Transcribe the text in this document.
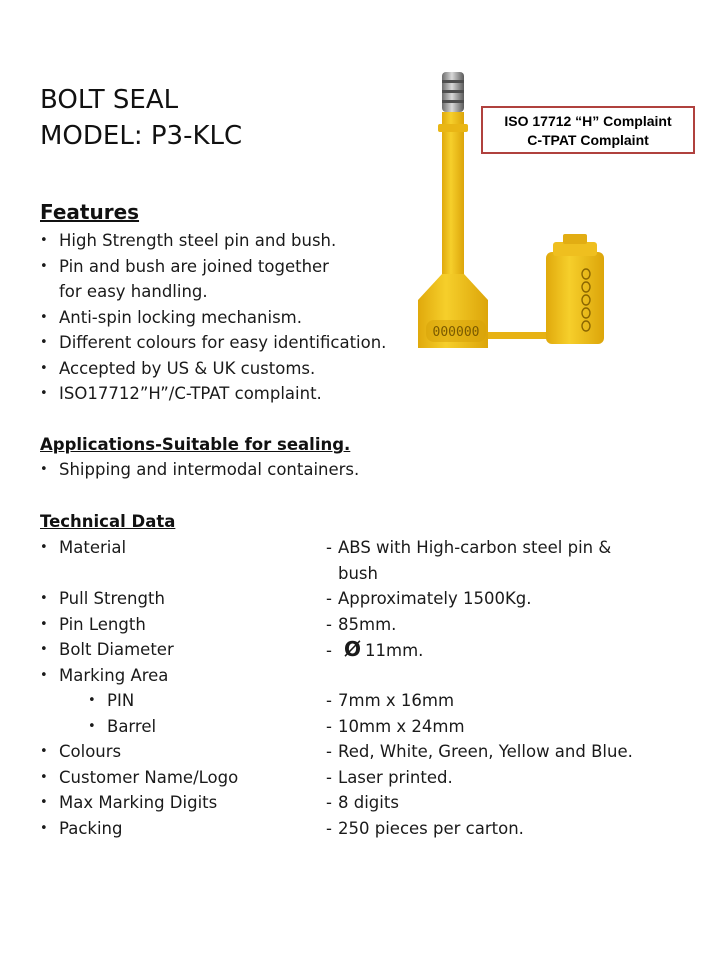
BOLT SEAL
MODEL: P3-KLC
000000
ISO 17712 “H” Complaint
C-TPAT Complaint
Features
• High Strength steel pin and bush.
• Pin and bush are joined together
for easy handling.
• Anti-spin locking mechanism.
• Different colours for easy identification.
• Accepted by US & UK customs.
• ISO17712”H”/C-TPAT complaint.
Applications-Suitable for sealing.
• Shipping and intermodal containers.
Technical Data
• Material	- ABS with High-carbon steel pin &
bush
• Pull Strength	- Approximately 1500Kg.
• Pin Length	- 85mm.
• Bolt Diameter	- Ø 11mm.
• Marking Area
• PIN	- 7mm x 16mm
• Barrel	- 10mm x 24mm
• Colours	- Red, White, Green, Yellow and Blue.
• Customer Name/Logo	- Laser printed.
• Max Marking Digits	- 8 digits
• Packing	- 250 pieces per carton.
